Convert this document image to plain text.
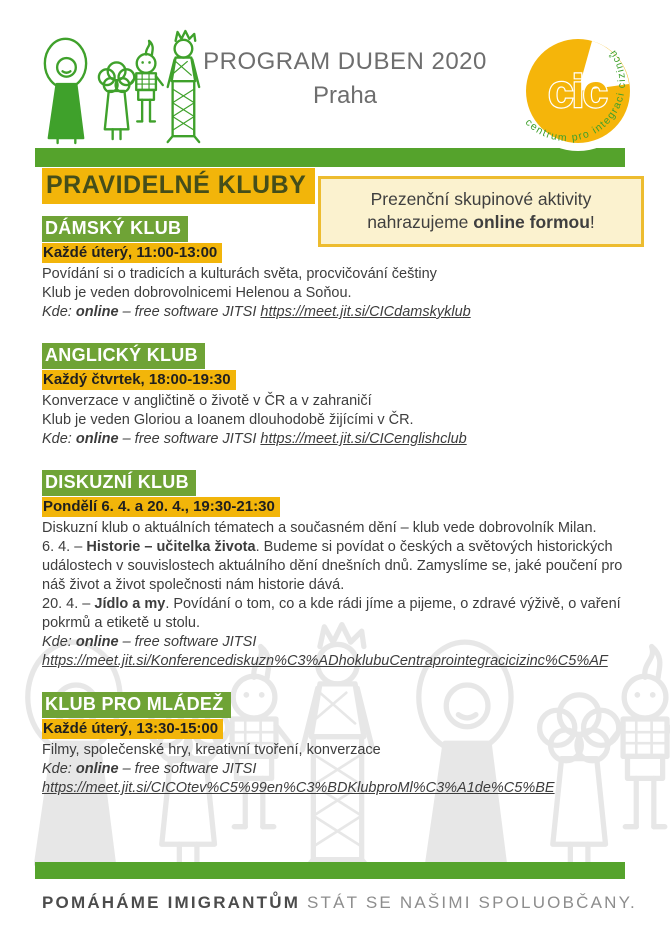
PROGRAM DUBEN 2020
Praha	cic
centrum pro integraci cizinců
Prezenční skupinové aktivity
nahrazujeme online formou!
PRAVIDELNÉ KLUBY
DÁMSKÝ KLUB
Každé úterý, 11:00-13:00
Povídání si o tradicích a kulturách světa, procvičování češtiny
Klub je veden dobrovolnicemi Helenou a Soňou.
Kde: online – free software JITSI https://meet.jit.si/CICdamskyklub
ANGLICKÝ KLUB
Každý čtvrtek, 18:00-19:30
Konverzace v angličtině o životě v ČR a v zahraničí
Klub je veden Gloriou a Ioanem dlouhodobě žijícími v ČR.
Kde: online – free software JITSI https://meet.jit.si/CICenglishclub
DISKUZNÍ KLUB
Pondělí 6. 4. a 20. 4., 19:30-21:30
Diskuzní klub o aktuálních tématech a současném dění – klub vede dobrovolník Milan.
6. 4. – Historie – učitelka života. Budeme si povídat o českých a světových historických událostech v souvislostech aktuálního dění dnešních dnů. Zamyslíme se, jaké poučení pro náš život a život společnosti nám historie dává.
20. 4. – Jídlo a my. Povídání o tom, co a kde rádi jíme a pijeme, o zdravé výživě, o vaření pokrmů a etiketě u stolu.
Kde: online – free software JITSI
https://meet.jit.si/Konferencediskuzn%C3%ADhoklubuCentraprointegracicizinc%C5%AF
KLUB PRO MLÁDEŽ
Každé úterý, 13:30-15:00
Filmy, společenské hry, kreativní tvoření, konverzace
Kde: online – free software JITSI
https://meet.jit.si/CICOtev%C5%99en%C3%BDKlubproMl%C3%A1de%C5%BE
POMÁHÁME IMIGRANTŮM STÁT SE NAŠIMI SPOLUOBČANY.
